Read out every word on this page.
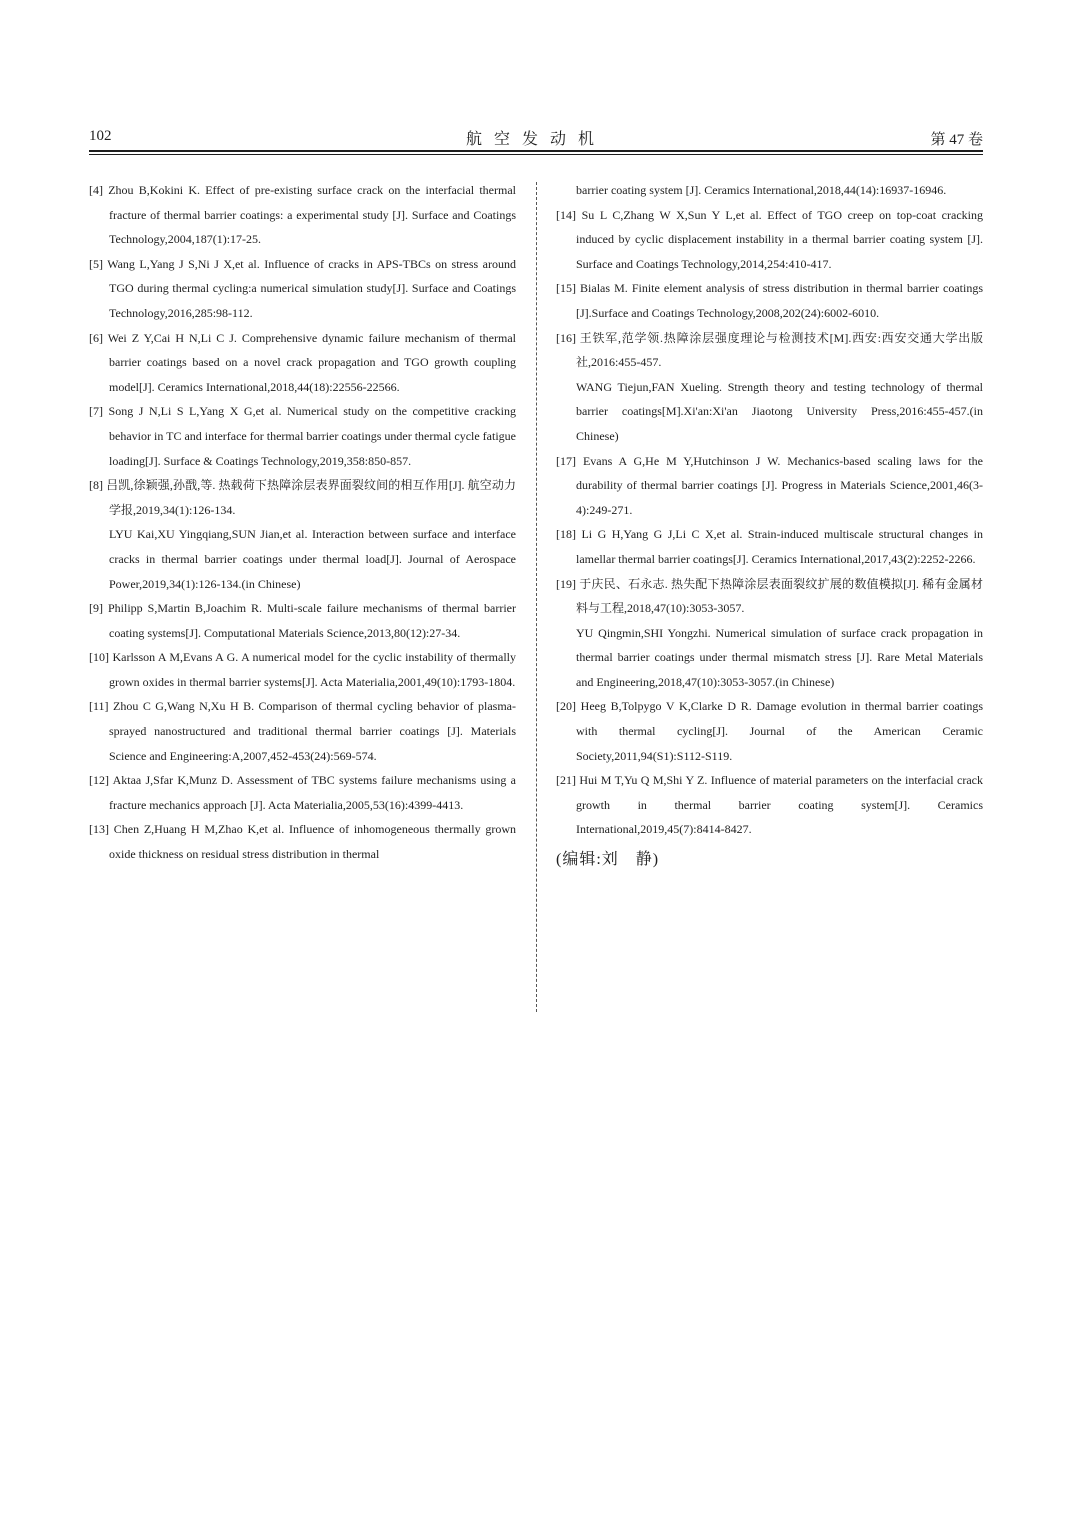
102	航空发动机	第 47 卷

[4] Zhou B,Kokini K. Effect of pre-existing surface crack on the interfacial thermal fracture of thermal barrier coatings: a experimental study [J]. Surface and Coatings Technology,2004,187(1):17-25.

[5] Wang L,Yang J S,Ni J X,et al. Influence of cracks in APS-TBCs on stress around TGO during thermal cycling:a numerical simulation study[J]. Surface and Coatings Technology,2016,285:98-112.

[6] Wei Z Y,Cai H N,Li C J. Comprehensive dynamic failure mechanism of thermal barrier coatings based on a novel crack propagation and TGO growth coupling model[J]. Ceramics International,2018,44(18):22556-22566.

[7] Song J N,Li S L,Yang X G,et al. Numerical study on the competitive cracking behavior in TC and interface for thermal barrier coatings under thermal cycle fatigue loading[J]. Surface & Coatings Technology,2019,358:850-857.

[8] 吕凯,徐颖强,孙戬,等. 热载荷下热障涂层表界面裂纹间的相互作用[J]. 航空动力学报,2019,34(1):126-134.

LYU Kai,XU Yingqiang,SUN Jian,et al. Interaction between surface and interface cracks in thermal barrier coatings under thermal load[J]. Journal of Aerospace Power,2019,34(1):126-134.(in Chinese)

[9] Philipp S,Martin B,Joachim R. Multi-scale failure mechanisms of thermal barrier coating systems[J]. Computational Materials Science,2013,80(12):27-34.

[10] Karlsson A M,Evans A G. A numerical model for the cyclic instability of thermally grown oxides in thermal barrier systems[J]. Acta Materialia,2001,49(10):1793-1804.

[11] Zhou C G,Wang N,Xu H B. Comparison of thermal cycling behavior of plasma-sprayed nanostructured and traditional thermal barrier coatings [J]. Materials Science and Engineering:A,2007,452-453(24):569-574.

[12] Aktaa J,Sfar K,Munz D. Assessment of TBC systems failure mechanisms using a fracture mechanics approach [J]. Acta Materialia,2005,53(16):4399-4413.

[13] Chen Z,Huang H M,Zhao K,et al. Influence of inhomogeneous thermally grown oxide thickness on residual stress distribution in thermal

barrier coating system [J]. Ceramics International,2018,44(14):16937-16946.

[14] Su L C,Zhang W X,Sun Y L,et al. Effect of TGO creep on top-coat cracking induced by cyclic displacement instability in a thermal barrier coating system [J]. Surface and Coatings Technology,2014,254:410-417.

[15] Bialas M. Finite element analysis of stress distribution in thermal barrier coatings [J].Surface and Coatings Technology,2008,202(24):6002-6010.

[16] 王铁军,范学领.热障涂层强度理论与检测技术[M].西安:西安交通大学出版社,2016:455-457.

WANG Tiejun,FAN Xueling. Strength theory and testing technology of thermal barrier coatings[M].Xi'an:Xi'an Jiaotong University Press,2016:455-457.(in Chinese)

[17] Evans A G,He M Y,Hutchinson J W. Mechanics-based scaling laws for the durability of thermal barrier coatings [J]. Progress in Materials Science,2001,46(3-4):249-271.

[18] Li G H,Yang G J,Li C X,et al. Strain-induced multiscale structural changes in lamellar thermal barrier coatings[J]. Ceramics International,2017,43(2):2252-2266.

[19] 于庆民、石永志. 热失配下热障涂层表面裂纹扩展的数值模拟[J]. 稀有金属材料与工程,2018,47(10):3053-3057.

YU Qingmin,SHI Yongzhi. Numerical simulation of surface crack propagation in thermal barrier coatings under thermal mismatch stress [J]. Rare Metal Materials and Engineering,2018,47(10):3053-3057.(in Chinese)

[20] Heeg B,Tolpygo V K,Clarke D R. Damage evolution in thermal barrier coatings with thermal cycling[J]. Journal of the American Ceramic Society,2011,94(S1):S112-S119.

[21] Hui M T,Yu Q M,Shi Y Z. Influence of material parameters on the interfacial crack growth in thermal barrier coating system[J]. Ceramics International,2019,45(7):8414-8427.

(编辑:刘　静)
